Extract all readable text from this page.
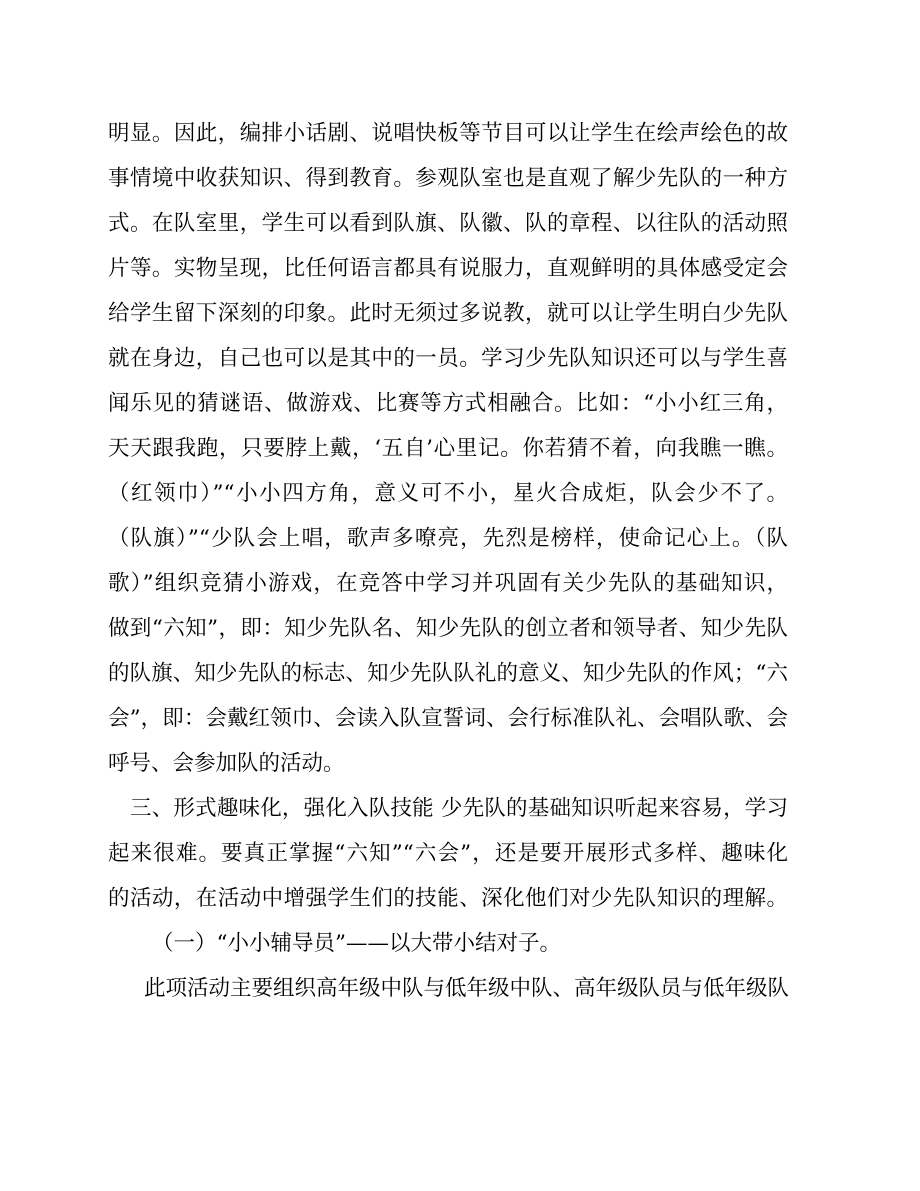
明显。因此，编排小话剧、说唱快板等节目可以让学生在绘声绘色的故
事情境中收获知识、得到教育。参观队室也是直观了解少先队的一种方
式。在队室里，学生可以看到队旗、队徽、队的章程、以往队的活动照
片等。实物呈现，比任何语言都具有说服力，直观鲜明的具体感受定会
给学生留下深刻的印象。此时无须过多说教，就可以让学生明白少先队
就在身边，自己也可以是其中的一员。学习少先队知识还可以与学生喜
闻乐见的猜谜语、做游戏、比赛等方式相融合。比如：“小小红三角，
天天跟我跑，只要脖上戴，‘五自’心里记。你若猜不着，向我瞧一瞧。
（红领巾）”“小小四方角，意义可不小，星火合成炬，队会少不了。
（队旗）”“少队会上唱，歌声多嘹亮，先烈是榜样，使命记心上。（队
歌）”组织竞猜小游戏，在竞答中学习并巩固有关少先队的基础知识，
做到“六知”，即：知少先队名、知少先队的创立者和领导者、知少先队
的队旗、知少先队的标志、知少先队队礼的意义、知少先队的作风；“六
会”，即：会戴红领巾、会读入队宣誓词、会行标准队礼、会唱队歌、会
呼号、会参加队的活动。
三、形式趣味化，强化入队技能 少先队的基础知识听起来容易，学习
起来很难。要真正掌握“六知”“六会”，还是要开展形式多样、趣味化
的活动，在活动中增强学生们的技能、深化他们对少先队知识的理解。
（一）“小小辅导员”——以大带小结对子。
此项活动主要组织高年级中队与低年级中队、高年级队员与低年级队
